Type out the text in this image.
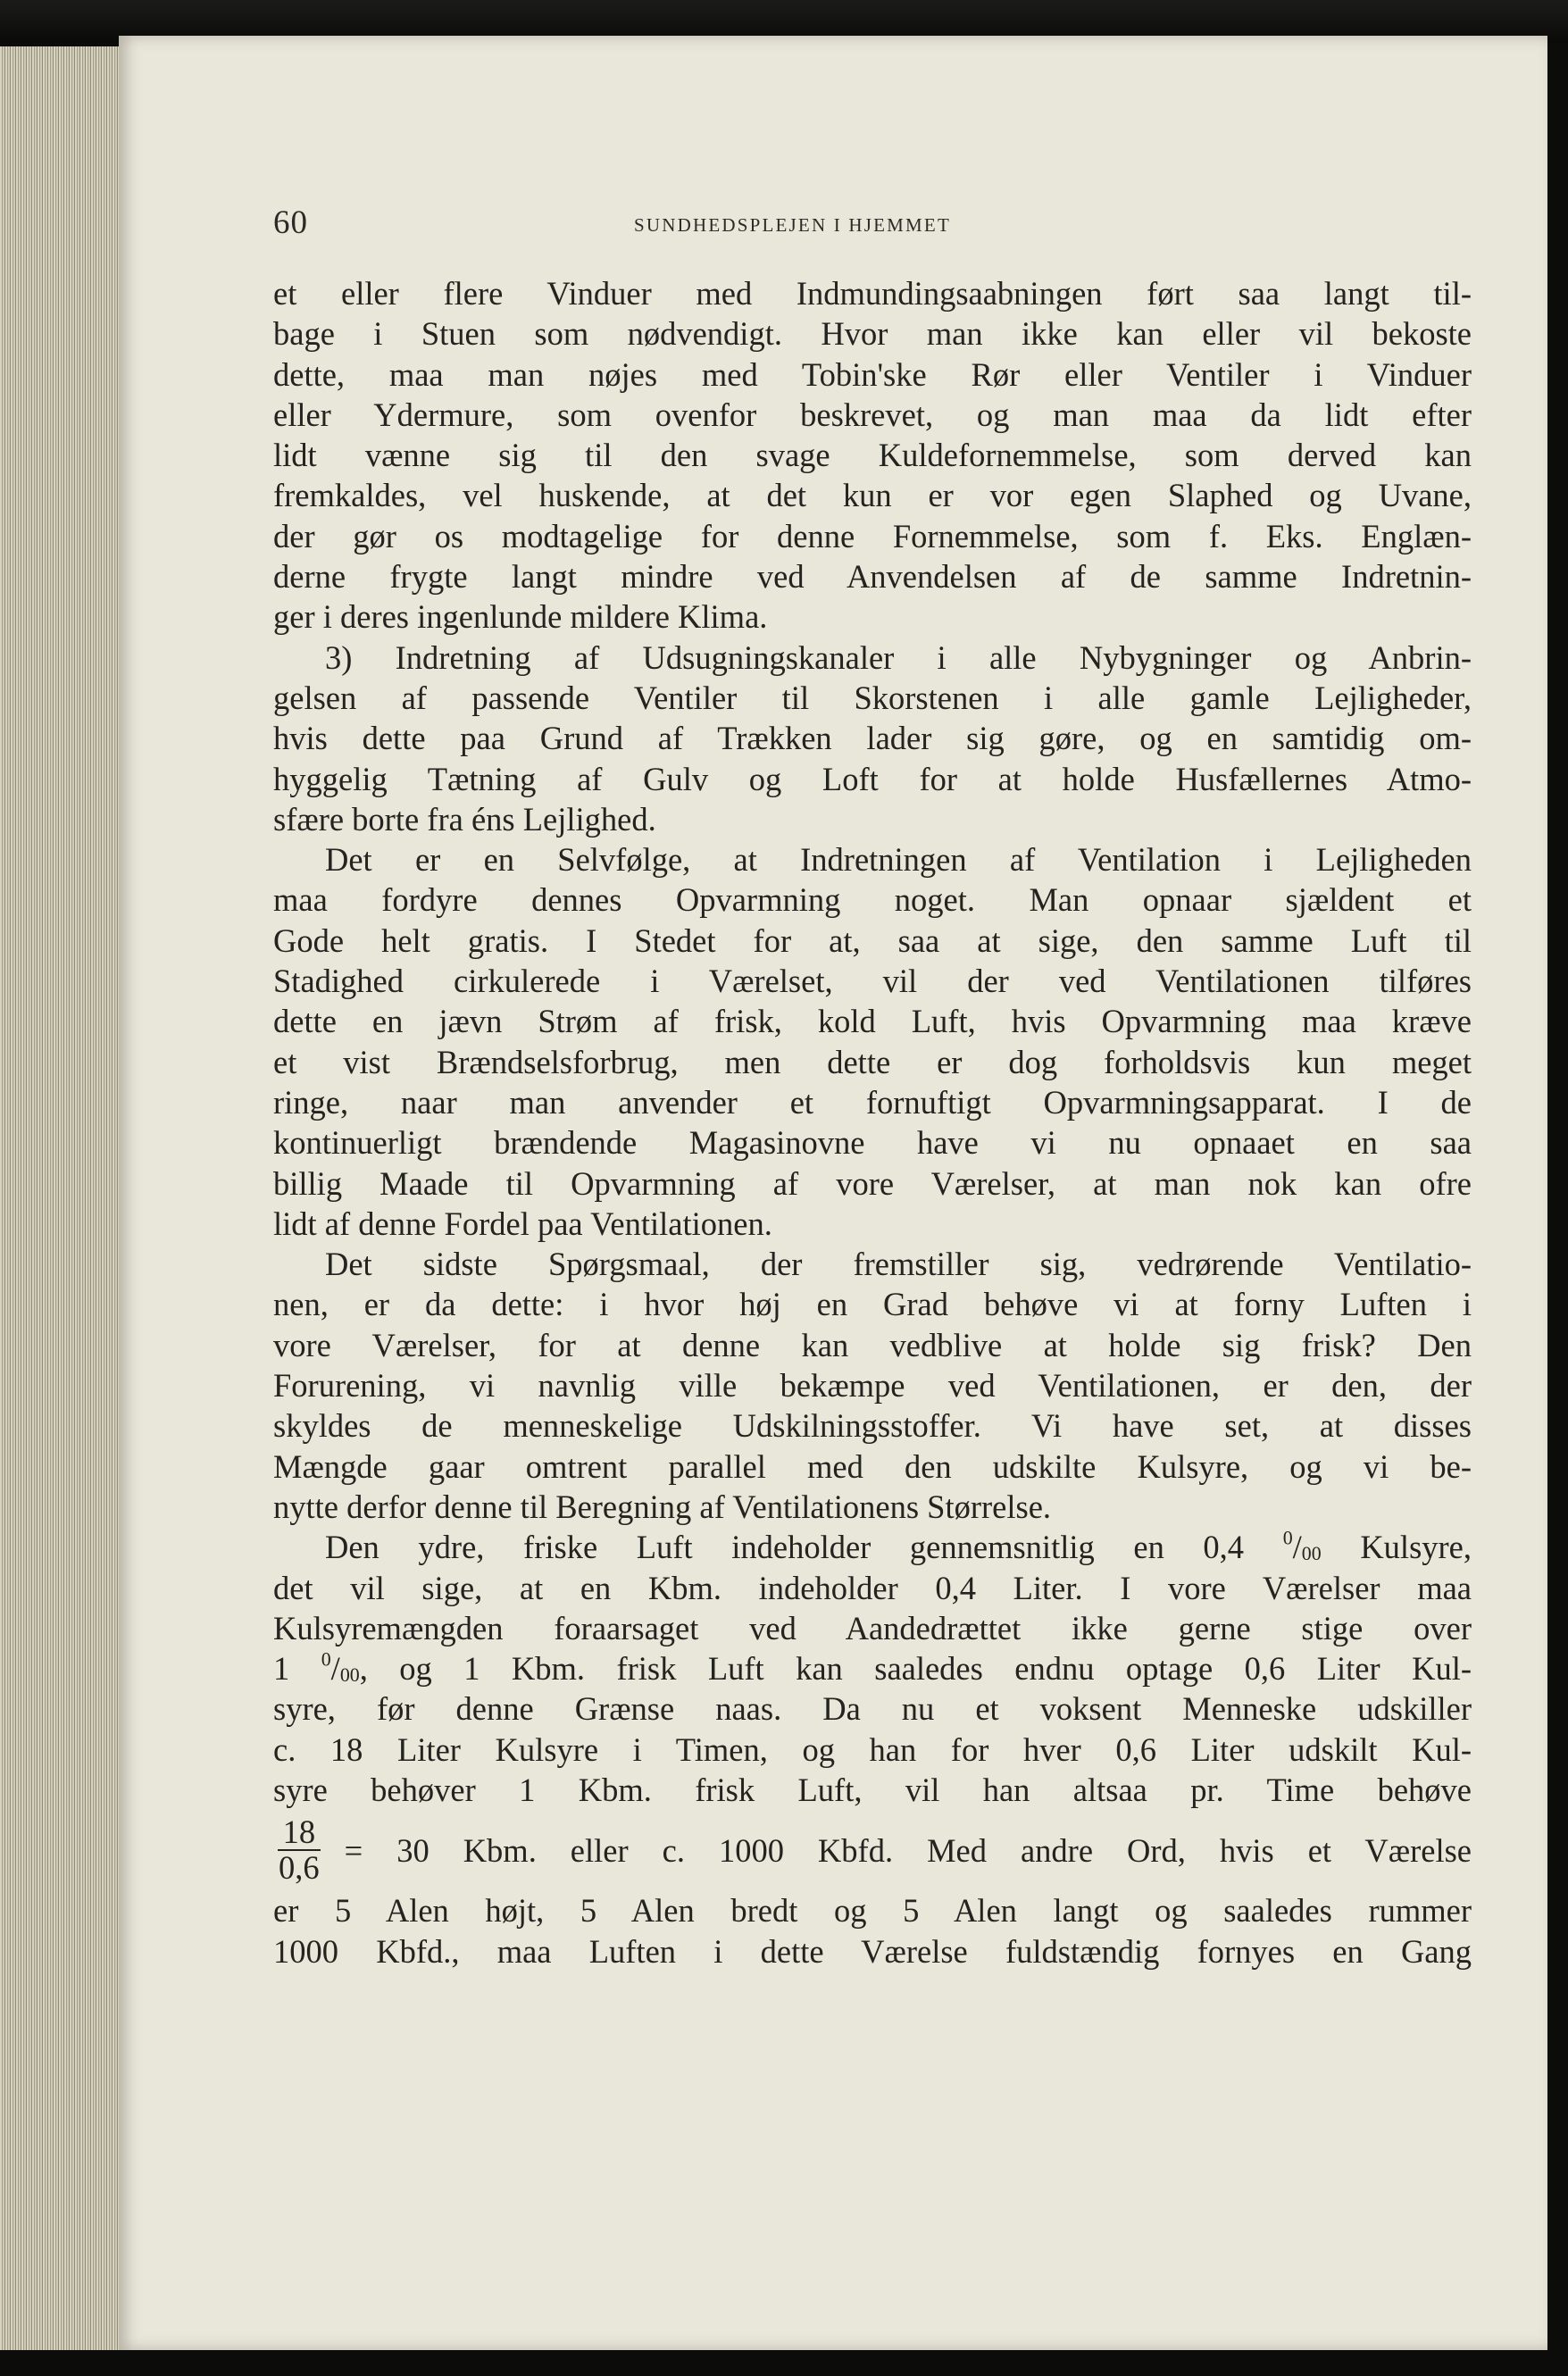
60	SUNDHEDSPLEJEN I HJEMMET
et eller flere Vinduer med Indmundingsaabningen ført saa langt til-
bage i Stuen som nødvendigt. Hvor man ikke kan eller vil bekoste
dette, maa man nøjes med Tobin'ske Rør eller Ventiler i Vinduer
eller Ydermure, som ovenfor beskrevet, og man maa da lidt efter
lidt vænne sig til den svage Kuldefornemmelse, som derved kan
fremkaldes, vel huskende, at det kun er vor egen Slaphed og Uvane,
der gør os modtagelige for denne Fornemmelse, som f. Eks. Englæn-
derne frygte langt mindre ved Anvendelsen af de samme Indretnin-
ger i deres ingenlunde mildere Klima.
3) Indretning af Udsugningskanaler i alle Nybygninger og Anbrin-
gelsen af passende Ventiler til Skorstenen i alle gamle Lejligheder,
hvis dette paa Grund af Trækken lader sig gøre, og en samtidig om-
hyggelig Tætning af Gulv og Loft for at holde Husfællernes Atmo-
sfære borte fra éns Lejlighed.
Det er en Selvfølge, at Indretningen af Ventilation i Lejligheden
maa fordyre dennes Opvarmning noget. Man opnaar sjældent et
Gode helt gratis. I Stedet for at, saa at sige, den samme Luft til
Stadighed cirkulerede i Værelset, vil der ved Ventilationen tilføres
dette en jævn Strøm af frisk, kold Luft, hvis Opvarmning maa kræve
et vist Brændselsforbrug, men dette er dog forholdsvis kun meget
ringe, naar man anvender et fornuftigt Opvarmningsapparat. I de
kontinuerligt brændende Magasinovne have vi nu opnaaet en saa
billig Maade til Opvarmning af vore Værelser, at man nok kan ofre
lidt af denne Fordel paa Ventilationen.
Det sidste Spørgsmaal, der fremstiller sig, vedrørende Ventilatio-
nen, er da dette: i hvor høj en Grad behøve vi at forny Luften i
vore Værelser, for at denne kan vedblive at holde sig frisk? Den
Forurening, vi navnlig ville bekæmpe ved Ventilationen, er den, der
skyldes de menneskelige Udskilningsstoffer. Vi have set, at disses
Mængde gaar omtrent parallel med den udskilte Kulsyre, og vi be-
nytte derfor denne til Beregning af Ventilationens Størrelse.
Den ydre, friske Luft indeholder gennemsnitlig en 0,4 $^0/_{00}$ Kulsyre,
det vil sige, at en Kbm. indeholder 0,4 Liter. I vore Værelser maa
Kulsyremængden foraarsaget ved Aandedrættet ikke gerne stige over
1 $^0/_{00}$, og 1 Kbm. frisk Luft kan saaledes endnu optage 0,6 Liter Kul-
syre, før denne Grænse naas. Da nu et voksent Menneske udskiller
c. 18 Liter Kulsyre i Timen, og han for hver 0,6 Liter udskilt Kul-
syre behøver 1 Kbm. frisk Luft, vil han altsaa pr. Time behøve
$\frac{18}{0,6} = 30$ Kbm. eller c. 1000 Kbfd. Med andre Ord, hvis et Værelse
er 5 Alen højt, 5 Alen bredt og 5 Alen langt og saaledes rummer
1000 Kbfd., maa Luften i dette Værelse fuldstændig fornyes en Gang
